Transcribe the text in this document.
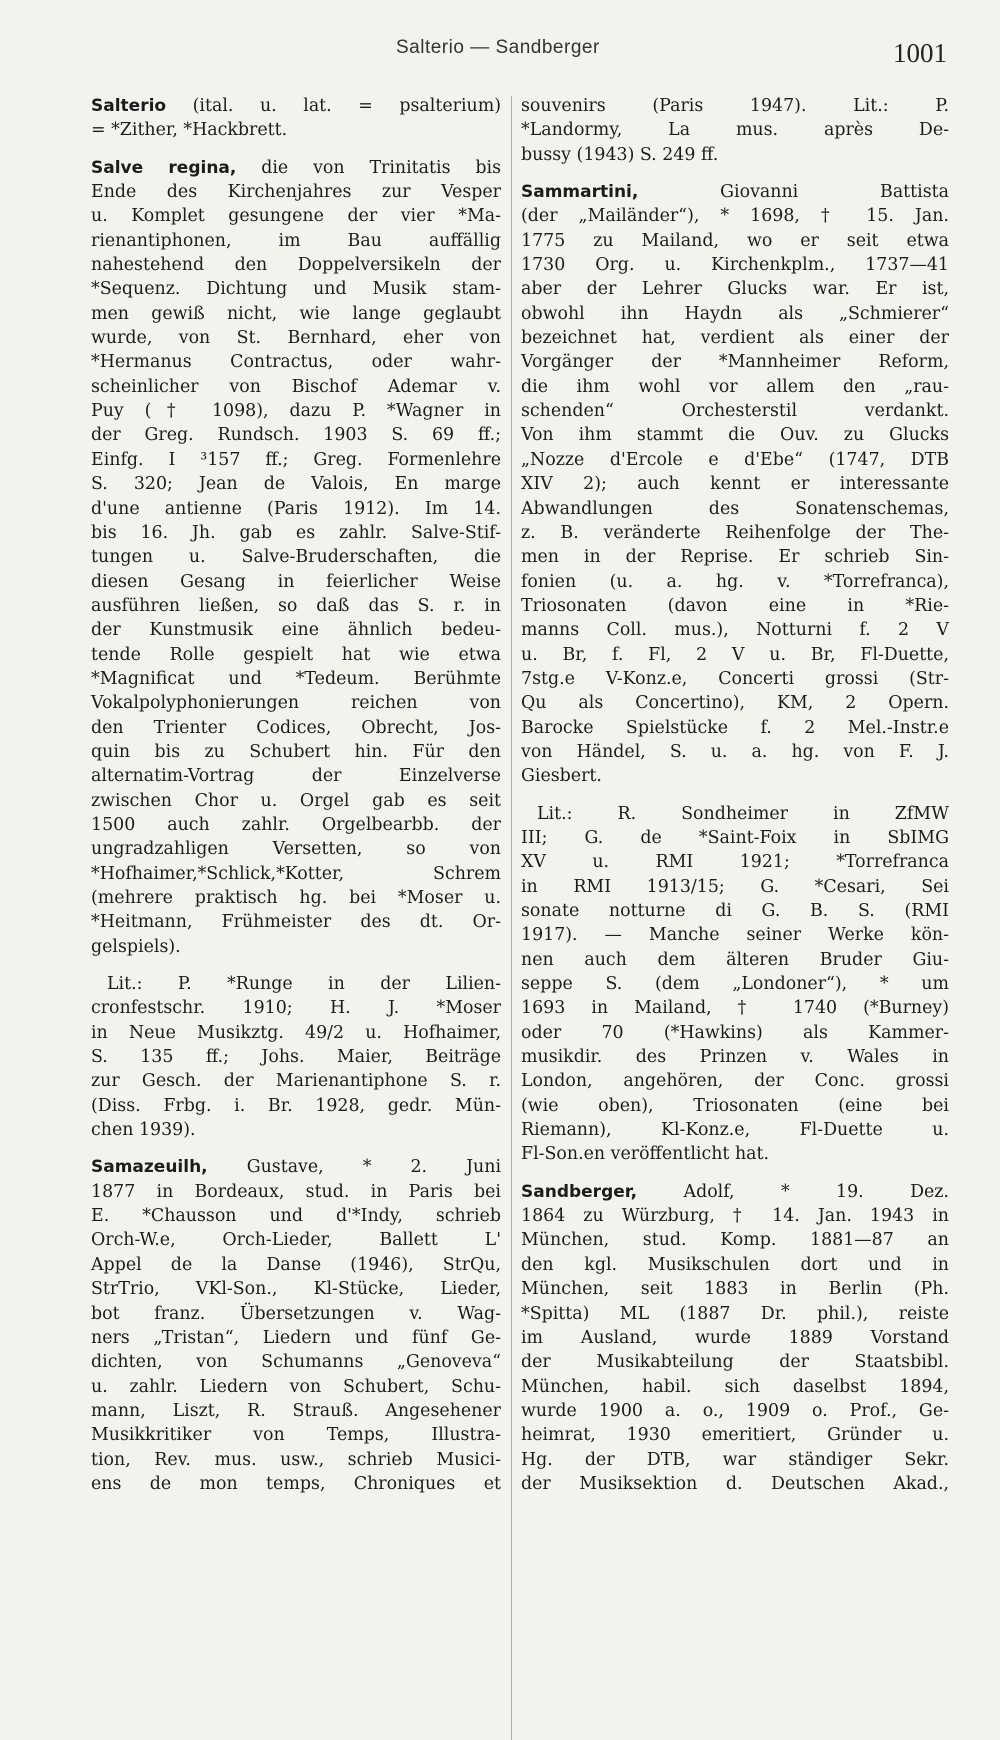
Salterio — Sandberger	1001
Salterio (ital. u. lat. = psalterium)
= *Zither, *Hackbrett.
Salve regina, die von Trinitatis bis
Ende des Kirchenjahres zur Vesper
u. Komplet gesungene der vier *Ma-
rienantiphonen, im Bau auffällig
nahestehend den Doppelversikeln der
*Sequenz. Dichtung und Musik stam-
men gewiß nicht, wie lange geglaubt
wurde, von St. Bernhard, eher von
*Hermanus Contractus, oder wahr-
scheinlicher von Bischof Ademar v.
Puy († 1098), dazu P. *Wagner in
der Greg. Rundsch. 1903 S. 69 ff.;
Einfg. I ³157 ff.; Greg. Formenlehre
S. 320; Jean de Valois, En marge
d'une antienne (Paris 1912). Im 14.
bis 16. Jh. gab es zahlr. Salve-Stif-
tungen u. Salve-Bruderschaften, die
diesen Gesang in feierlicher Weise
ausführen ließen, so daß das S. r. in
der Kunstmusik eine ähnlich bedeu-
tende Rolle gespielt hat wie etwa
*Magnificat und *Tedeum. Berühmte
Vokalpolyphonierungen reichen von
den Trienter Codices, Obrecht, Jos-
quin bis zu Schubert hin. Für den
alternatim-Vortrag der Einzelverse
zwischen Chor u. Orgel gab es seit
1500 auch zahlr. Orgelbearbb. der
ungradzahligen Versetten, so von
*Hofhaimer,*Schlick,*Kotter, Schrem
(mehrere praktisch hg. bei *Moser u.
*Heitmann, Frühmeister des dt. Or-
gelspiels).
Lit.: P. *Runge in der Lilien-
cronfestschr. 1910; H. J. *Moser
in Neue Musikztg. 49/2 u. Hofhaimer,
S. 135 ff.; Johs. Maier, Beiträge
zur Gesch. der Marienantiphone S. r.
(Diss. Frbg. i. Br. 1928, gedr. Mün-
chen 1939).
Samazeuilh, Gustave, * 2. Juni
1877 in Bordeaux, stud. in Paris bei
E. *Chausson und d'*Indy, schrieb
Orch-W.e, Orch-Lieder, Ballett L'
Appel de la Danse (1946), StrQu,
StrTrio, VKl-Son., Kl-Stücke, Lieder,
bot franz. Übersetzungen v. Wag-
ners „Tristan“, Liedern und fünf Ge-
dichten, von Schumanns „Genoveva“
u. zahlr. Liedern von Schubert, Schu-
mann, Liszt, R. Strauß. Angesehener
Musikkritiker von Temps, Illustra-
tion, Rev. mus. usw., schrieb Musici-
ens de mon temps, Chroniques et
souvenirs (Paris 1947). Lit.: P.
*Landormy, La mus. après De-
bussy (1943) S. 249 ff.
Sammartini,	Giovanni Battista
(der „Mailänder“), * 1698, † 15. Jan.
1775 zu Mailand, wo er seit etwa
1730 Org. u. Kirchenkplm., 1737—41
aber der Lehrer Glucks war. Er ist,
obwohl ihn Haydn als „Schmierer“
bezeichnet hat, verdient als einer der
Vorgänger der *Mannheimer Reform,
die ihm wohl vor allem den „rau-
schenden“ Orchesterstil verdankt.
Von ihm stammt die Ouv. zu Glucks
„Nozze d'Ercole e d'Ebe“ (1747, DTB
XIV 2); auch kennt er interessante
Abwandlungen des Sonatenschemas,
z. B. veränderte Reihenfolge der The-
men in der Reprise. Er schrieb Sin-
fonien (u. a. hg. v. *Torrefranca),
Triosonaten (davon eine in *Rie-
manns Coll. mus.), Notturni f. 2 V
u. Br, f. Fl, 2 V u. Br, Fl-Duette,
7stg.e V-Konz.e, Concerti grossi (Str-
Qu als Concertino), KM, 2 Opern.
Barocke Spielstücke f. 2 Mel.-Instr.e
von Händel, S. u. a. hg. von F. J.
Giesbert.
Lit.: R. Sondheimer in ZfMW
III; G. de *Saint-Foix in SbIMG
XV u. RMI 1921; *Torrefranca
in RMI 1913/15; G. *Cesari, Sei
sonate notturne di G. B. S. (RMI
1917). — Manche seiner Werke kön-
nen auch dem älteren Bruder Giu-
seppe S. (dem „Londoner“), * um
1693 in Mailand, † 1740 (*Burney)
oder 70 (*Hawkins) als Kammer-
musikdir. des Prinzen v. Wales in
London, angehören, der Conc. grossi
(wie oben), Triosonaten (eine bei
Riemann), Kl-Konz.e, Fl-Duette u.
Fl-Son.en veröffentlicht hat.
Sandberger,	Adolf, * 19. Dez.
1864 zu Würzburg, † 14. Jan. 1943 in
München, stud. Komp. 1881—87 an
den kgl. Musikschulen dort und in
München, seit 1883 in Berlin (Ph.
*Spitta) ML (1887 Dr. phil.), reiste
im Ausland, wurde 1889 Vorstand
der Musikabteilung der Staatsbibl.
München, habil. sich daselbst 1894,
wurde 1900 a. o., 1909 o. Prof., Ge-
heimrat, 1930 emeritiert, Gründer u.
Hg. der DTB, war ständiger Sekr.
der Musiksektion d. Deutschen Akad.,
